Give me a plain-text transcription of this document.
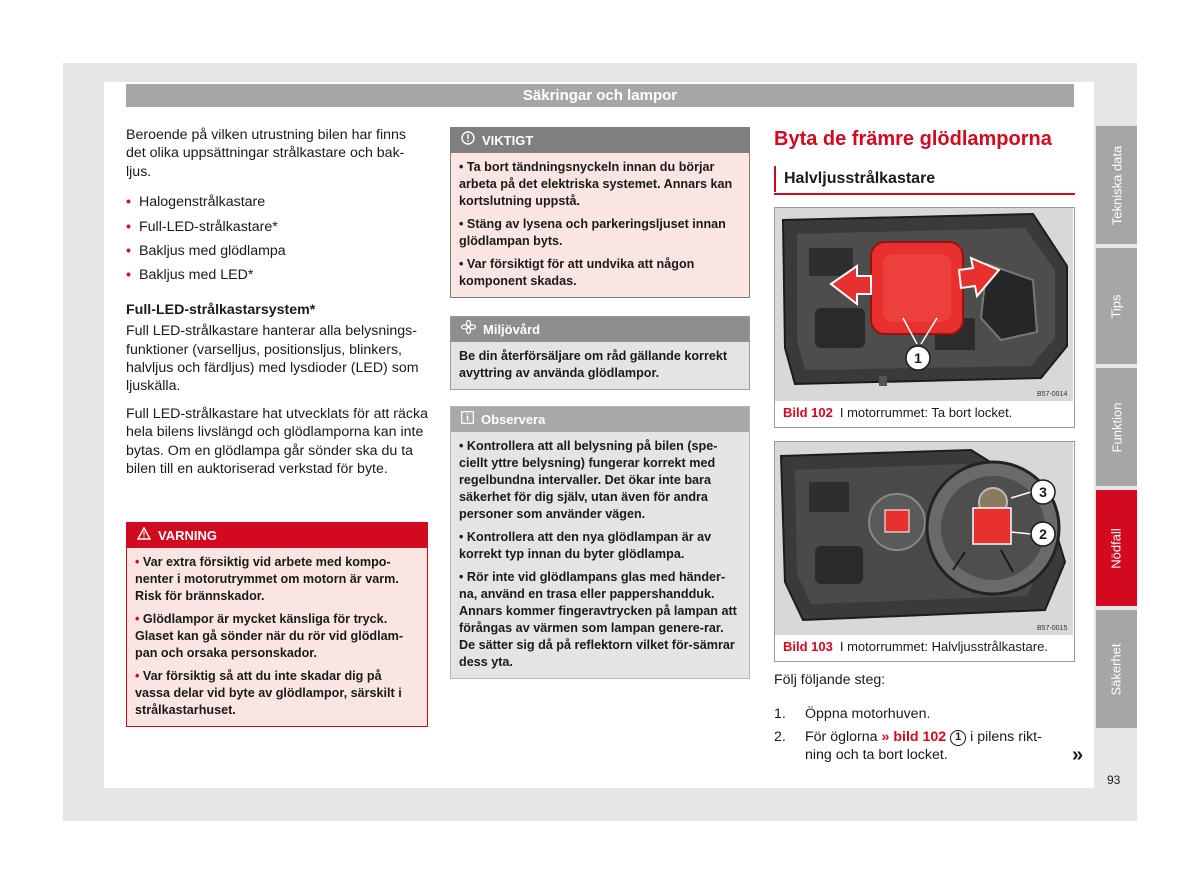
Säkringar och lampor

Beroende på vilken utrustning bilen har finns det olika uppsättningar strålkastare och bak-ljus.

• Halogenstrålkastare
• Full-LED-strålkastare*
• Bakljus med glödlampa
• Bakljus med LED*
Full-LED-strålkastarsystem*

Full LED-strålkastare hanterar alla belysnings-funktioner (varselljus, positionsljus, blinkers, halvljus och färdljus) med lysdioder (LED) som ljuskälla.

Full LED-strålkastare hat utvecklats för att räcka hela bilens livslängd och glödlamporna kan inte bytas. Om en glödlampa går sönder ska du ta bilen till en auktoriserad verkstad för byte.

VARNING
• Var extra försiktig vid arbete med kompo-nenter i motorutrymmet om motorn är varm. Risk för brännskador.
• Glödlampor är mycket känsliga för tryck. Glaset kan gå sönder när du rör vid glödlam-pan och orsaka personskador.
• Var försiktig så att du inte skadar dig på vassa delar vid byte av glödlampor, särskilt i strålkastarhuset.
VIKTIGT
• Ta bort tändningsnyckeln innan du börjar arbeta på det elektriska systemet. Annars kan kortslutning uppstå.
• Stäng av lysena och parkeringsljuset innan glödlampan byts.
• Var försiktigt för att undvika att någon komponent skadas.
Miljövård
Be din återförsäljare om råd gällande korrekt avyttring av använda glödlampor.
Observera
• Kontrollera att all belysning på bilen (spe-ciellt yttre belysning) fungerar korrekt med regelbundna intervaller. Det ökar inte bara säkerhet för dig själv, utan även för andra personer som använder vägen.
• Kontrollera att den nya glödlampan är av korrekt typ innan du byter glödlampa.
• Rör inte vid glödlampans glas med händer-na, använd en trasa eller pappershandduk. Annars kommer fingeravtrycken på lampan att förångas av värmen som lampan genere-rar. De sätter sig då på reflektorn vilket för-sämrar dess yta.
Byta de främre glödlamporna
Halvljusstrålkastare
1
B57-0014
Bild 102 I motorrummet: Ta bort locket.
3
2
B57-0015
Bild 103 I motorrummet: Halvljusstrålkastare.
Följ följande steg:
1.	Öppna motorhuven.
2.	För öglorna » bild 102 1 i pilens rikt-ning och ta bort locket.	»
Tekniska data
Tips
Funktion
Nödfall
Säkerhet
93
